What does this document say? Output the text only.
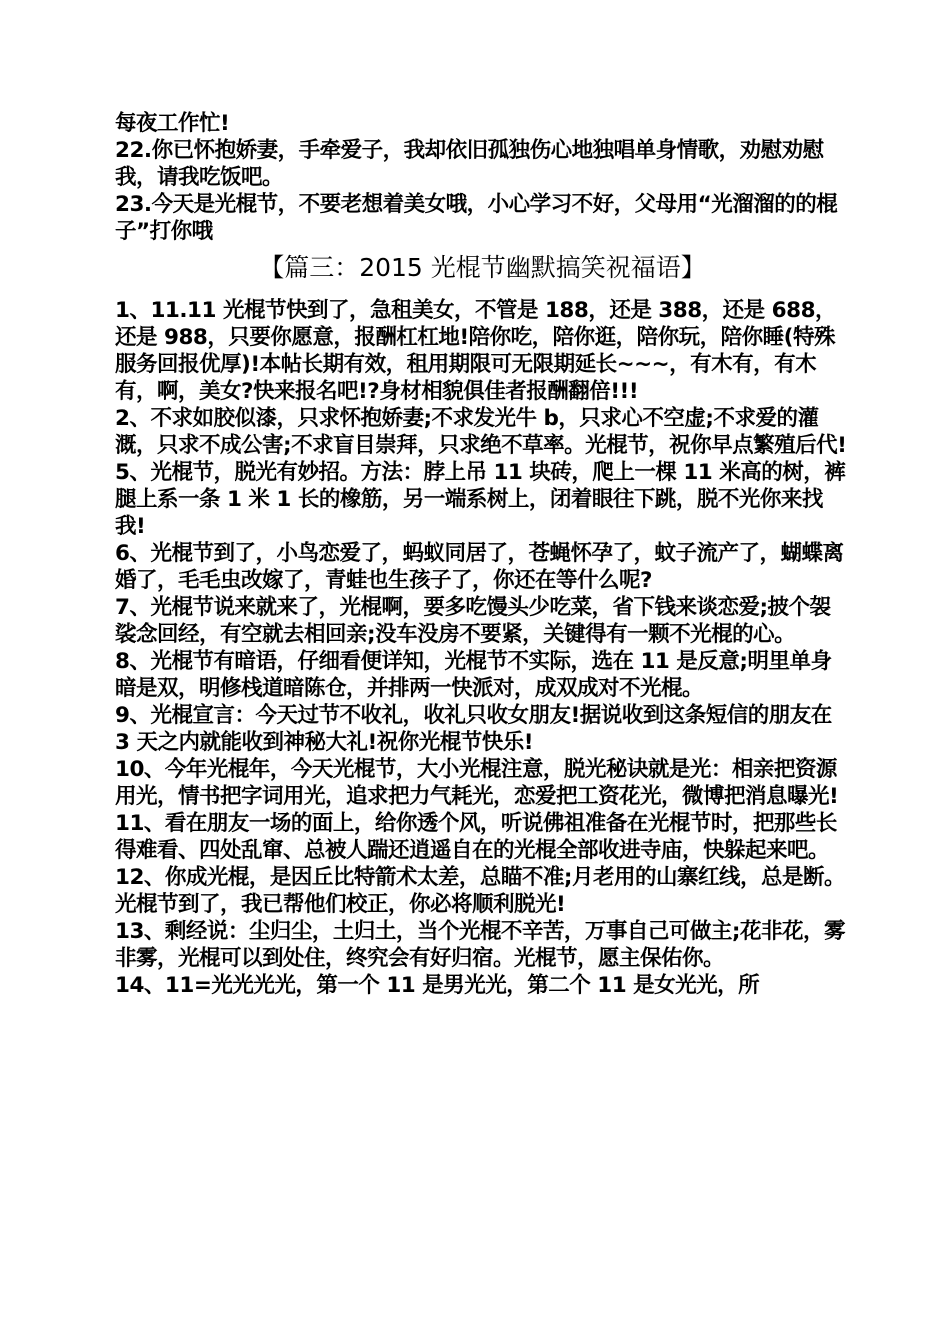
每夜工作忙!

22.你已怀抱娇妻，手牵爱子，我却依旧孤独伤心地独唱单身情歌，劝慰劝慰我，请我吃饭吧。

23.今天是光棍节，不要老想着美女哦，小心学习不好，父母用“光溜溜的的棍子”打你哦

【篇三：2015 光棍节幽默搞笑祝福语】

1、11.11 光棍节快到了，急租美女，不管是 188，还是 388，还是 688，还是 988，只要你愿意，报酬杠杠地!陪你吃，陪你逛，陪你玩，陪你睡(特殊服务回报优厚)!本帖长期有效，租用期限可无限期延长~~~，有木有，有木有，啊，美女?快来报名吧!?身材相貌俱佳者报酬翻倍!!!

2、不求如胶似漆，只求怀抱娇妻;不求发光牛 b，只求心不空虚;不求爱的灌溉，只求不成公害;不求盲目崇拜，只求绝不草率。光棍节，祝你早点繁殖后代!

5、光棍节，脱光有妙招。方法：脖上吊 11 块砖，爬上一棵 11 米高的树，裤腿上系一条 1 米 1 长的橡筋，另一端系树上，闭着眼往下跳，脱不光你来找我!

6、光棍节到了，小鸟恋爱了，蚂蚁同居了，苍蝇怀孕了，蚊子流产了，蝴蝶离婚了，毛毛虫改嫁了，青蛙也生孩子了，你还在等什么呢?

7、光棍节说来就来了，光棍啊，要多吃馒头少吃菜，省下钱来谈恋爱;披个袈裟念回经，有空就去相回亲;没车没房不要紧，关键得有一颗不光棍的心。

8、光棍节有暗语，仔细看便详知，光棍节不实际，选在 11 是反意;明里单身暗是双，明修栈道暗陈仓，并排两一快派对，成双成对不光棍。

9、光棍宣言：今天过节不收礼，收礼只收女朋友!据说收到这条短信的朋友在 3 天之内就能收到神秘大礼!祝你光棍节快乐!

10、今年光棍年，今天光棍节，大小光棍注意，脱光秘诀就是光：相亲把资源用光，情书把字词用光，追求把力气耗光，恋爱把工资花光，微博把消息曝光!

11、看在朋友一场的面上，给你透个风，听说佛祖准备在光棍节时，把那些长得难看、四处乱窜、总被人踹还逍遥自在的光棍全部收进寺庙，快躲起来吧。

12、你成光棍，是因丘比特箭术太差，总瞄不准;月老用的山寨红线，总是断。光棍节到了，我已帮他们校正，你必将顺利脱光!

13、剩经说：尘归尘，土归土，当个光棍不辛苦，万事自己可做主;花非花，雾非雾，光棍可以到处住，终究会有好归宿。光棍节，愿主保佑你。

14、11=光光光光，第一个 11 是男光光，第二个 11 是女光光，所
